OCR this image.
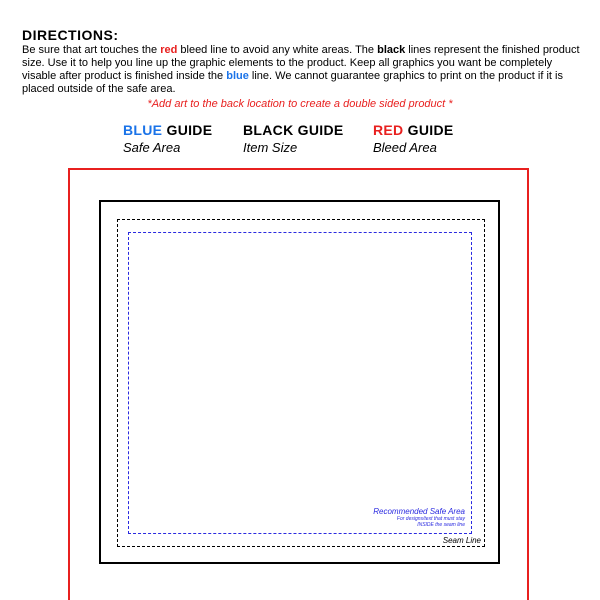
DIRECTIONS:

Be sure that art touches the red bleed line to avoid any white areas. The black lines represent the finished product size. Use it to help you line up the graphic elements to the product. Keep all graphics you want be completely visable after product is finished inside the blue line. We cannot guarantee graphics to print on the product if it is placed outside of the safe area.

*Add art to the back location to create a double sided product *

BLUE GUIDE
Safe Area
BLACK GUIDE
Item Size
RED GUIDE
Bleed Area
Seam Line
Recommended Safe Area
For designs/text that must stay
INSIDE the seam line
